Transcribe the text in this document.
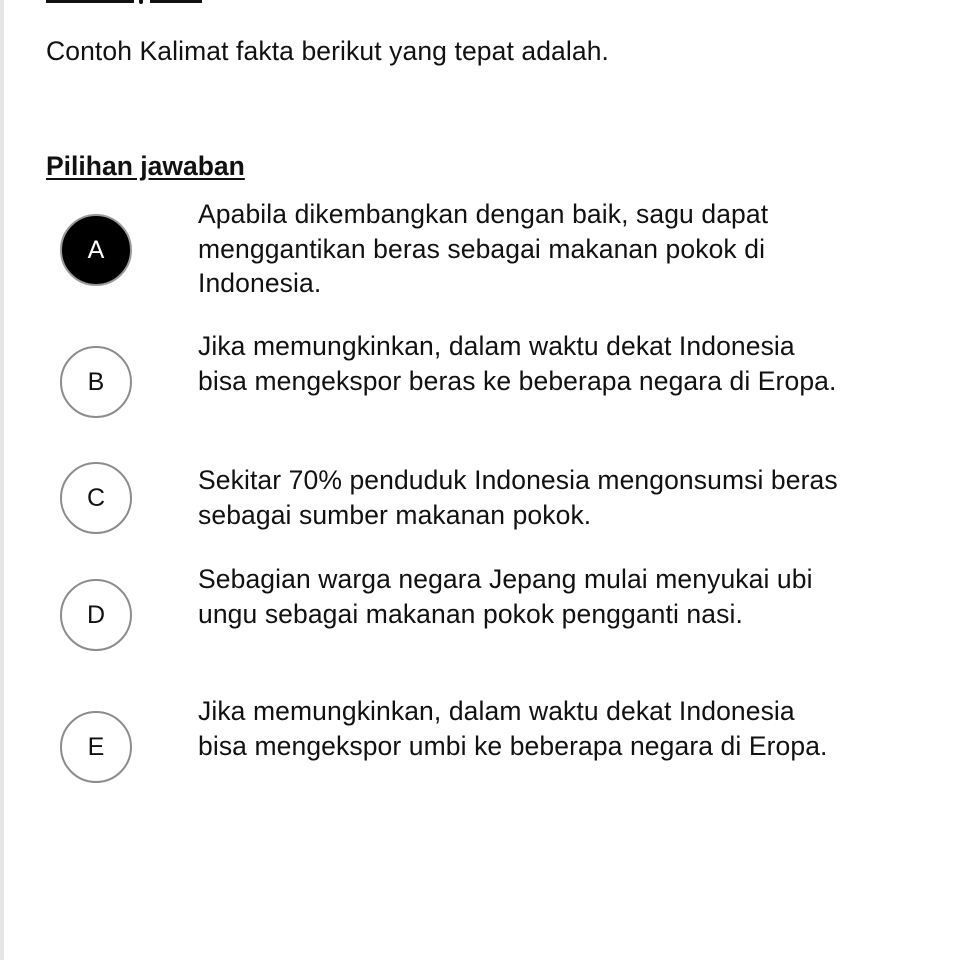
Contoh Kalimat fakta berikut yang tepat adalah.
Pilihan jawaban
A
Apabila dikembangkan dengan baik, sagu dapat menggantikan beras sebagai makanan pokok di Indonesia.
B
Jika memungkinkan, dalam waktu dekat Indonesia bisa mengekspor beras ke beberapa negara di Eropa.
C
Sekitar 70% penduduk Indonesia mengonsumsi beras sebagai sumber makanan pokok.
D
Sebagian warga negara Jepang mulai menyukai ubi ungu sebagai makanan pokok pengganti nasi.
E
Jika memungkinkan, dalam waktu dekat Indonesia bisa mengekspor umbi ke beberapa negara di Eropa.
